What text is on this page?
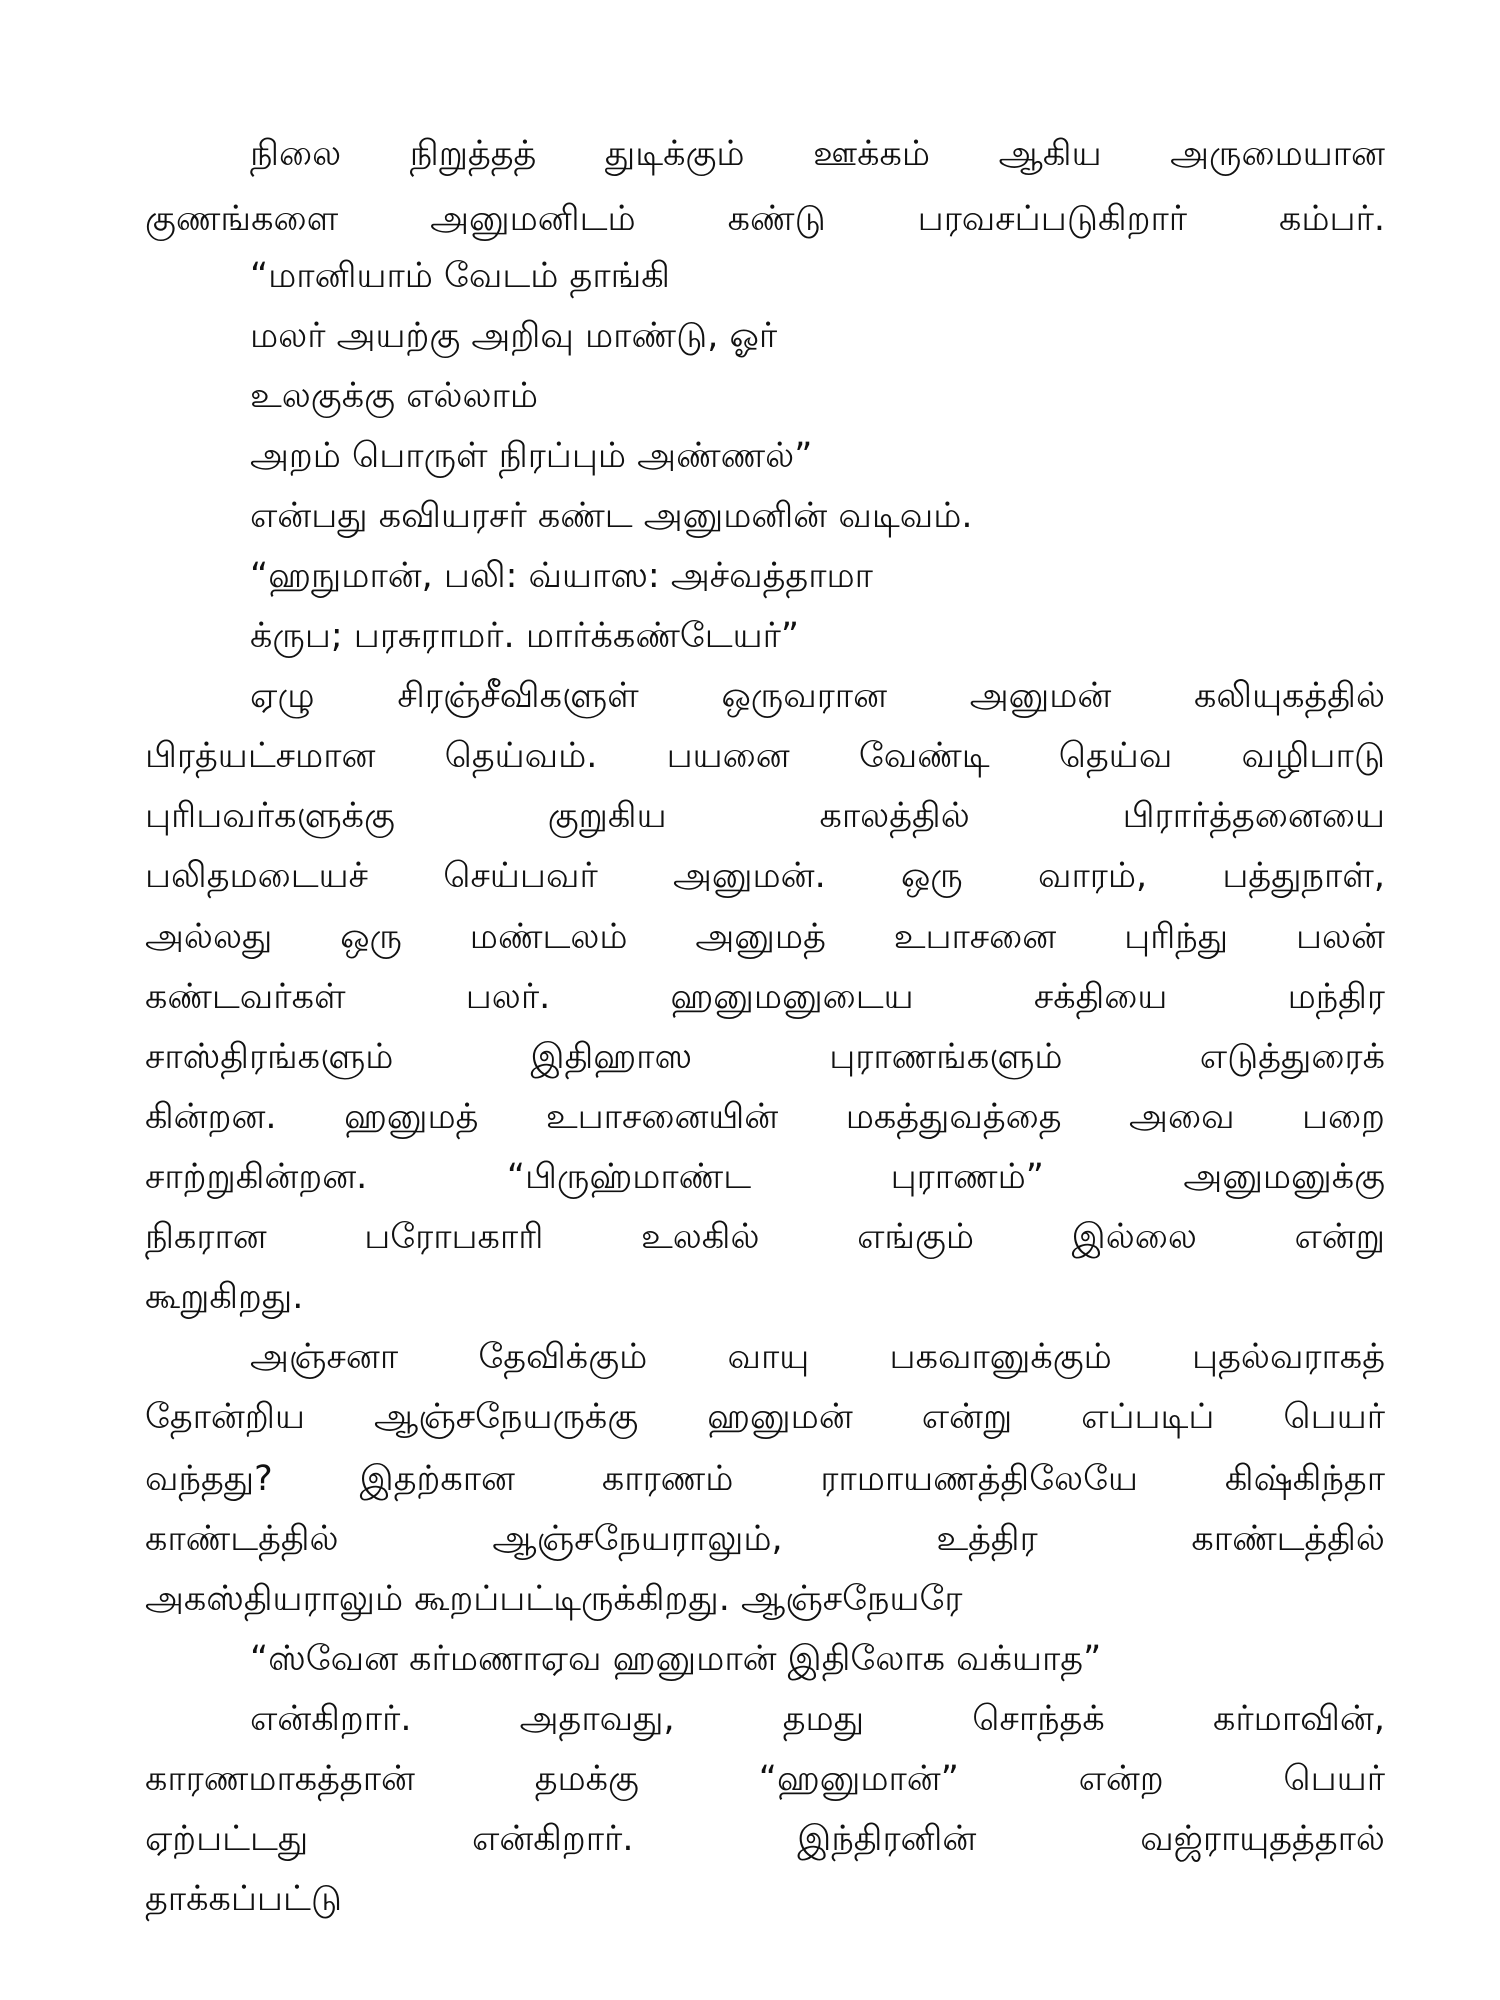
நிலை நிறுத்தத் துடிக்கும் ஊக்கம் ஆகிய அருமையான
குணங்களை அனுமனிடம் கண்டு பரவசப்படுகிறார் கம்பர்.
“மானியாம் வேடம் தாங்கி
மலர் அயற்கு அறிவு மாண்டு, ஓர்
உலகுக்கு எல்லாம்
அறம் பொருள் நிரப்பும் அண்ணல்”
என்பது கவியரசர் கண்ட அனுமனின் வடிவம்.
“ஹநுமான், பலி: வ்யாஸ: அச்வத்தாமா
க்ருப; பரசுராமர். மார்க்கண்டேயர்”
ஏழு சிரஞ்சீவிகளுள் ஒருவரான அனுமன் கலியுகத்தில்
பிரத்யட்சமான தெய்வம். பயனை வேண்டி தெய்வ வழிபாடு
புரிபவர்களுக்கு குறுகிய காலத்தில் பிரார்த்தனையை
பலிதமடையச் செய்பவர் அனுமன். ஒரு வாரம், பத்துநாள்,
அல்லது ஒரு மண்டலம் அனுமத் உபாசனை புரிந்து பலன்
கண்டவர்கள் பலர். ஹனுமனுடைய சக்தியை மந்திர
சாஸ்திரங்களும் இதிஹாஸ புராணங்களும் எடுத்துரைக்
கின்றன. ஹனுமத் உபாசனையின் மகத்துவத்தை அவை பறை
சாற்றுகின்றன. “பிருஹ்மாண்ட புராணம்” அனுமனுக்கு
நிகரான பரோபகாரி உலகில் எங்கும் இல்லை என்று
கூறுகிறது.
அஞ்சனா தேவிக்கும் வாயு பகவானுக்கும் புதல்வராகத்
தோன்றிய ஆஞ்சநேயருக்கு ஹனுமன் என்று எப்படிப் பெயர்
வந்தது? இதற்கான காரணம் ராமாயணத்திலேயே கிஷ்கிந்தா
காண்டத்தில் ஆஞ்சநேயராலும், உத்திர காண்டத்தில்
அகஸ்தியராலும் கூறப்பட்டிருக்கிறது. ஆஞ்சநேயரே
“ஸ்வேன கர்மணாஏவ ஹனுமான் இதிலோக வக்யாத”
என்கிறார். அதாவது, தமது சொந்தக் கர்மாவின்,
காரணமாகத்தான் தமக்கு “ஹனுமான்” என்ற பெயர்
ஏற்பட்டது என்கிறார். இந்திரனின் வஜ்ராயுதத்தால்
தாக்கப்பட்டு
